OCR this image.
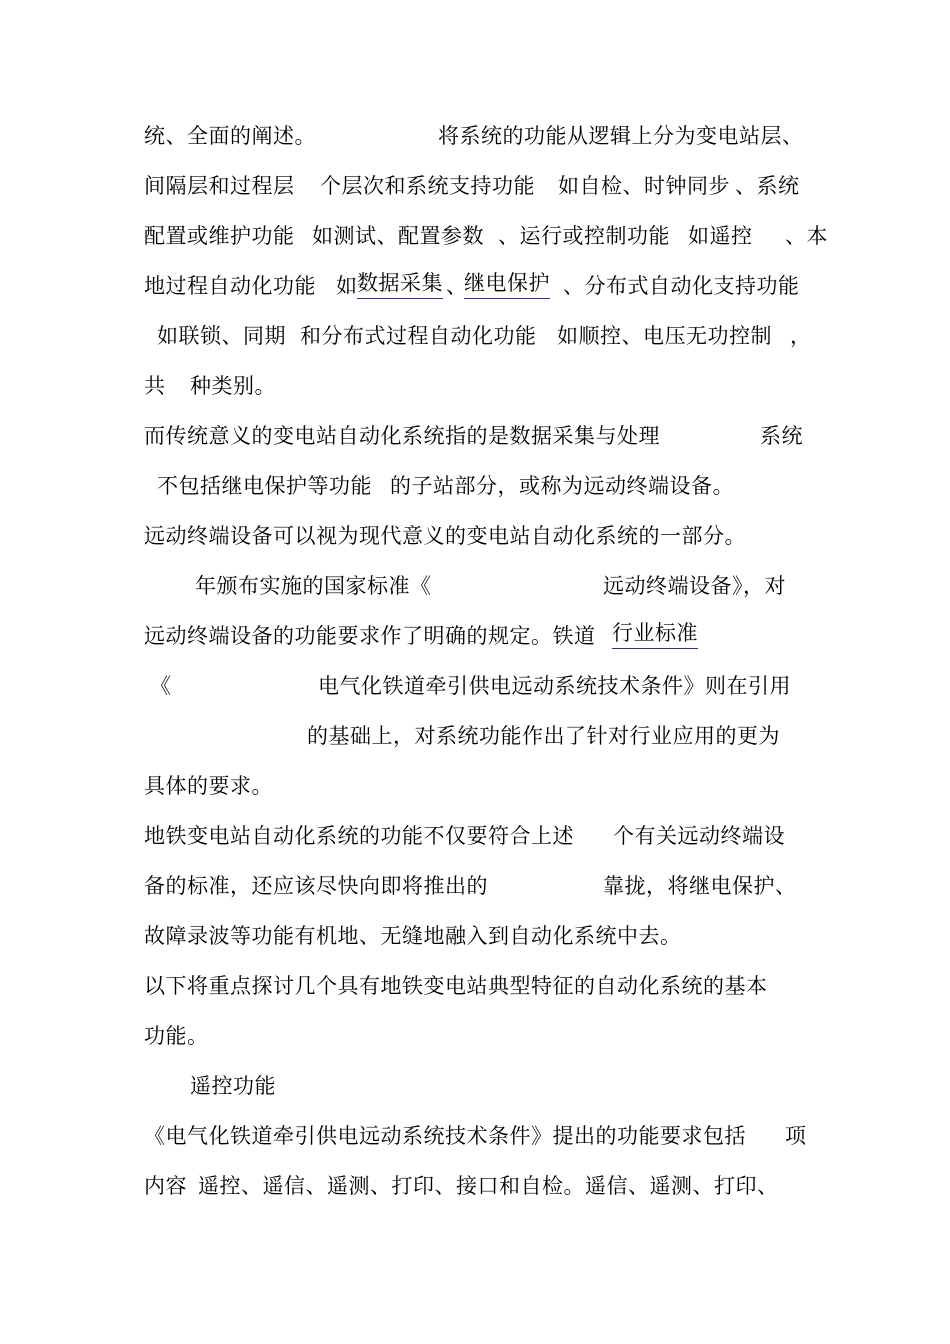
统、全面的阐述。	将系统的功能从逻辑上分为变电站层、
间隔层和过程层 个层次和系统支持功能 如自检、时钟同步 、系统
配置或维护功能 如测试、配置参数 、运行或控制功能 如遥控 、本
地过程自动化功能 如 数据采集 、
继电保护 、分布式自动化支持功能
如联锁、同期 和分布式过程自动化功能 如顺控、电压无功控制 ，
共 种类别。
而传统意义的变电站自动化系统指的是数据采集与处理	系统
不包括继电保护等功能 的子站部分，或称为远动终端设备。
远动终端设备可以视为现代意义的变电站自动化系统的一部分。
年颁布实施的国家标准《	远动终端设备》，对
远动终端设备的功能要求作了明确的规定。铁道 行业标准
《	电气化铁道牵引供电远动系统技术条件》则在引用
的基础上，对系统功能作出了针对行业应用的更为
具体的要求。
地铁变电站自动化系统的功能不仅要符合上述 个有关远动终端设
备的标准，还应该尽快向即将推出的	靠拢，将继电保护、
故障录波等功能有机地、无缝地融入到自动化系统中去。
以下将重点探讨几个具有地铁变电站典型特征的自动化系统的基本
功能。
遥控功能
《电气化铁道牵引供电远动系统技术条件》提出的功能要求包括 项
内容 遥控、遥信、遥测、打印、接口和自检。遥信、遥测、打印、
